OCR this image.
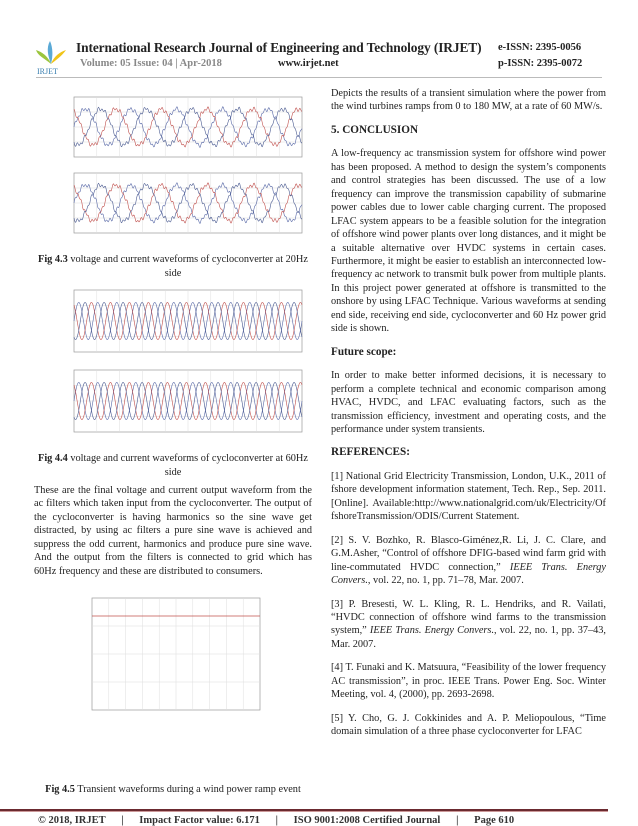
IRJET
International Research Journal of Engineering and Technology (IRJET)
Volume: 05 Issue: 04 | Apr-2018	www.irjet.net
e-ISSN: 2395-0056
p-ISSN: 2395-0072
Fig 4.3 voltage and current waveforms of cycloconverter at 20Hz side
Fig 4.4 voltage and current waveforms of cycloconverter at 60Hz side

These are the final voltage and current output waveform from the ac filters which taken input from the cycloconverter. The output of the cycloconverter is having harmonics so the sine wave get distracted, by using ac filters a pure sine wave is achieved and suppress the odd current, harmonics and produce pure sine wave. And the output from the filters is connected to grid which has 60Hz frequency and these are distributed to consumers.

Fig 4.5 Transient waveforms during a wind power ramp event

Depicts the results of a transient simulation where the power from the wind turbines ramps from 0 to 180 MW, at a rate of 60 MW/s.

5. CONCLUSION

A low-frequency ac transmission system for offshore wind power has been proposed. A method to design the system’s components and control strategies has been discussed. The use of a low frequency can improve the transmission capability of submarine power cables due to lower cable charging current. The proposed LFAC system appears to be a feasible solution for the integration of offshore wind power plants over long distances, and it might be a suitable alternative over HVDC systems in certain cases. Furthermore, it might be easier to establish an interconnected low-frequency ac network to transmit bulk power from multiple plants. In this project power generated at offshore is transmitted to the onshore by using LFAC Technique. Various waveforms at sending end side, receiving end side, cycloconverter and 60 Hz power grid side is shown.

Future scope:

In order to make better informed decisions, it is necessary to perform a complete technical and economic comparison among HVAC, HVDC, and LFAC evaluating factors, such as the transmission efficiency, investment and operating costs, and the performance under system transients.

REFERENCES:

[1] National Grid Electricity Transmission, London, U.K., 2011 offshore development information statement, Tech. Rep., Sep. 2011. [Online]. Available:http://www.nationalgrid.com/uk/Electricity/OffshoreTransmission/ODIS/Current Statement.

[2] S. V. Bozhko, R. Blasco-Giménez,R. Li, J. C. Clare, and G.M.Asher, “Control of offshore DFIG-based wind farm grid with line-commutated HVDC connection,” IEEE Trans. Energy Convers., vol. 22, no. 1, pp. 71–78, Mar. 2007.

[3] P. Bresesti, W. L. Kling, R. L. Hendriks, and R. Vailati, “HVDC connection of offshore wind farms to the transmission system,” IEEE Trans. Energy Convers., vol. 22, no. 1, pp. 37–43, Mar. 2007.

[4] T. Funaki and K. Matsuura, “Feasibility of the lower frequency AC transmission”, in proc. IEEE Trans. Power Eng. Soc. Winter Meeting, vol. 4, (2000), pp. 2693-2698.

[5] Y. Cho, G. J. Cokkinides and A. P. Meliopoulous, “Time domain simulation of a three phase cycloconverter for LFAC

© 2018, IRJET | Impact Factor value: 6.171 | ISO 9001:2008 Certified Journal | Page 610
